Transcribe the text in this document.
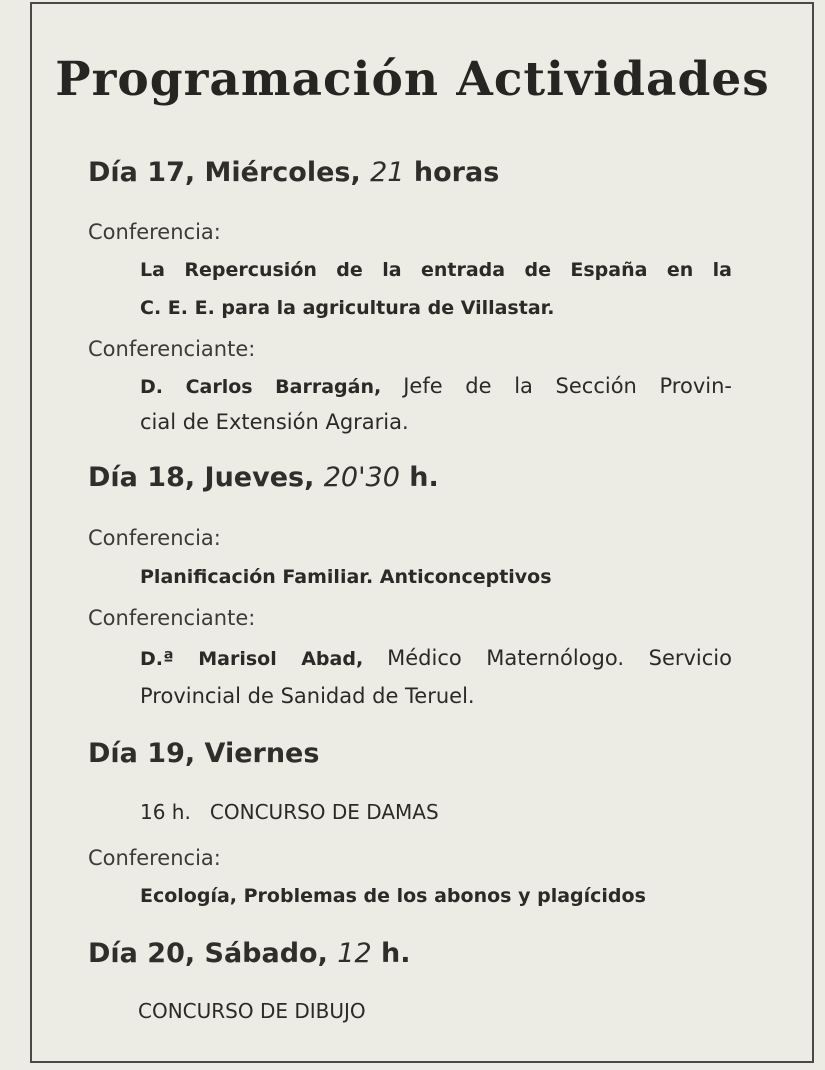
Programación Actividades
Día 17, Miércoles, 21 horas
Conferencia:
La Repercusión de la entrada de España en la
C. E. E. para la agricultura de Villastar.
Conferenciante:
D. Carlos Barragán, Jefe de la Sección Provin-
cial de Extensión Agraria.
Día 18, Jueves, 20'30 h.
Conferencia:
Planificación Familiar. Anticonceptivos
Conferenciante:
D.ª Marisol Abad, Médico Maternólogo. Servicio
Provincial de Sanidad de Teruel.
Día 19, Viernes
16 h. CONCURSO DE DAMAS
Conferencia:
Ecología, Problemas de los abonos y plagícidos
Día 20, Sábado, 12 h.
CONCURSO DE DIBUJO
